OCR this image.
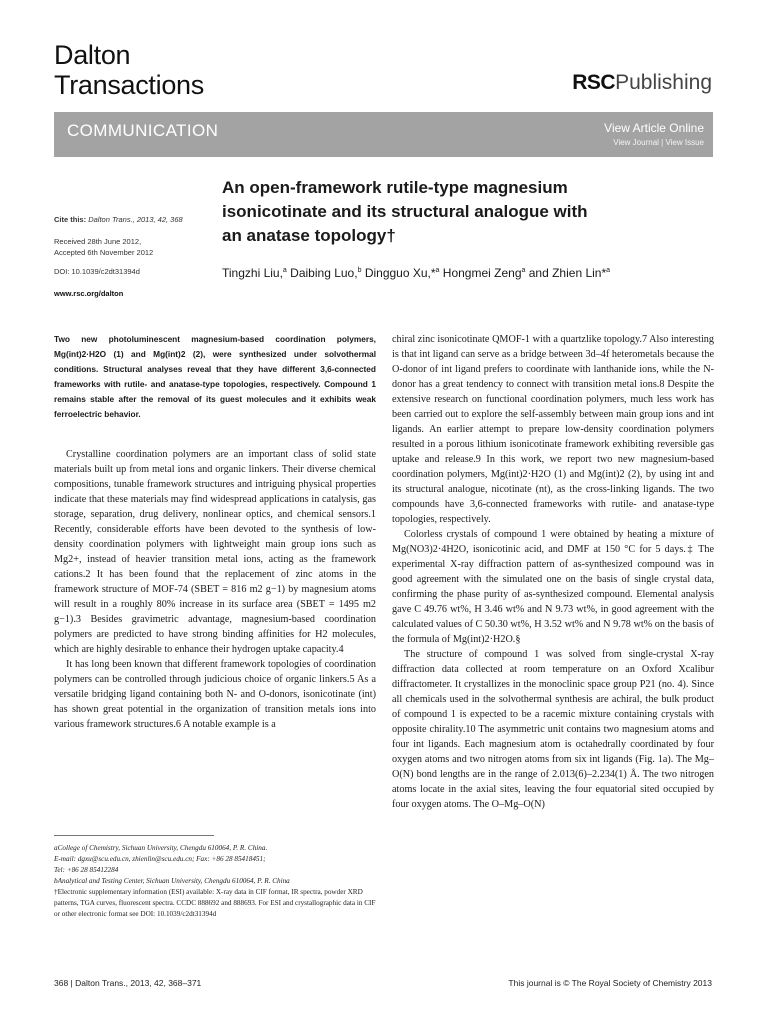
Dalton
Transactions	RSCPublishing
COMMUNICATION	View Article Online
View Journal | View Issue
An open-framework rutile-type magnesium
isonicotinate and its structural analogue with
an anatase topology†
Tingzhi Liu,$^a$ Daibing Luo,$^b$ Dingguo Xu,*$^a$ Hongmei Zeng$^a$ and Zhien Lin*$^a$
Cite this: Dalton Trans., 2013, 42, 368
Received 28th June 2012,
Accepted 6th November 2012
DOI: 10.1039/c2dt31394d
www.rsc.org/dalton
Two new photoluminescent magnesium-based coordination polymers, Mg(int)2·H2O (1) and Mg(int)2 (2), were synthesized under solvothermal conditions. Structural analyses reveal that they have different 3,6-connected frameworks with rutile- and anatase-type topologies, respectively. Compound 1 remains stable after the removal of its guest molecules and it exhibits weak ferroelectric behavior.

Crystalline coordination polymers are an important class of solid state materials built up from metal ions and organic linkers. Their diverse chemical compositions, tunable framework structures and intriguing physical properties indicate that these materials may find widespread applications in catalysis, gas storage, separation, drug delivery, nonlinear optics, and chemical sensors.1 Recently, considerable efforts have been devoted to the synthesis of low-density coordination polymers with lightweight main group ions such as Mg2+, instead of heavier transition metal ions, acting as the framework cations.2 It has been found that the replacement of zinc atoms in the framework structure of MOF-74 (SBET = 816 m2 g−1) by magnesium atoms will result in a roughly 80% increase in its surface area (SBET = 1495 m2 g−1).3 Besides gravimetric advantage, magnesium-based coordination polymers are predicted to have strong binding affinities for H2 molecules, which are highly desirable to enhance their hydrogen uptake capacity.4

It has long been known that different framework topologies of coordination polymers can be controlled through judicious choice of organic linkers.5 As a versatile bridging ligand containing both N- and O-donors, isonicotinate (int) has shown great potential in the organization of transition metals ions into various framework structures.6 A notable example is a

chiral zinc isonicotinate QMOF-1 with a quartzlike topology.7 Also interesting is that int ligand can serve as a bridge between 3d–4f heterometals because the O-donor of int ligand prefers to coordinate with lanthanide ions, while the N-donor has a great tendency to connect with transition metal ions.8 Despite the extensive research on functional coordination polymers, much less work has been carried out to explore the self-assembly between main group ions and int ligands. An earlier attempt to prepare low-density coordination polymers resulted in a porous lithium isonicotinate framework exhibiting reversible gas uptake and release.9 In this work, we report two new magnesium-based coordination polymers, Mg(int)2·H2O (1) and Mg(int)2 (2), by using int and its structural analogue, nicotinate (nt), as the cross-linking ligands. The two compounds have 3,6-connected frameworks with rutile- and anatase-type topologies, respectively.

Colorless crystals of compound 1 were obtained by heating a mixture of Mg(NO3)2·4H2O, isonicotinic acid, and DMF at 150 °C for 5 days.‡ The experimental X-ray diffraction pattern of as-synthesized compound was in good agreement with the simulated one on the basis of single crystal data, confirming the phase purity of as-synthesized compound. Elemental analysis gave C 49.76 wt%, H 3.46 wt% and N 9.73 wt%, in good agreement with the calculated values of C 50.30 wt%, H 3.52 wt% and N 9.78 wt% on the basis of the formula of Mg(int)2·H2O.§

The structure of compound 1 was solved from single-crystal X-ray diffraction data collected at room temperature on an Oxford Xcalibur diffractometer. It crystallizes in the monoclinic space group P21 (no. 4). Since all chemicals used in the solvothermal synthesis are achiral, the bulk product of compound 1 is expected to be a racemic mixture containing crystals with opposite chirality.10 The asymmetric unit contains two magnesium atoms and four int ligands. Each magnesium atom is octahedrally coordinated by four oxygen atoms and two nitrogen atoms from six int ligands (Fig. 1a). The Mg–O(N) bond lengths are in the range of 2.013(6)–2.234(1) Å. The two nitrogen atoms locate in the axial sites, leaving the four equatorial sited occupied by four oxygen atoms. The O–Mg–O(N)

aCollege of Chemistry, Sichuan University, Chengdu 610064, P. R. China.

E-mail: dgxu@scu.edu.cn, zhienlin@scu.edu.cn; Fax: +86 28 85418451;

Tel: +86 28 85412284

bAnalytical and Testing Center, Sichuan University, Chengdu 610064, P. R. China

†Electronic supplementary information (ESI) available: X-ray data in CIF format, IR spectra, powder XRD patterns, TGA curves, fluorescent spectra. CCDC 888692 and 888693. For ESI and crystallographic data in CIF or other electronic format see DOI: 10.1039/c2dt31394d

368 | Dalton Trans., 2013, 42, 368–371	This journal is © The Royal Society of Chemistry 2013
